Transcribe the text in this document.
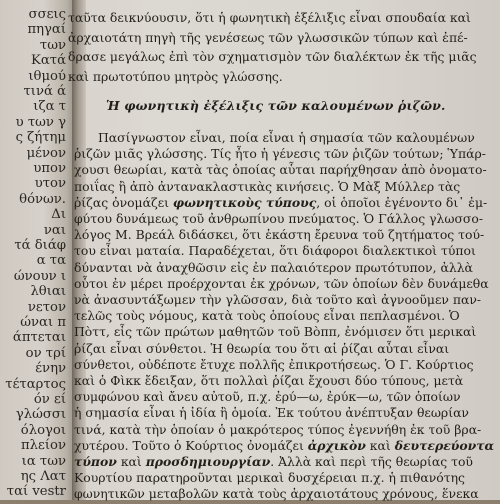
σσεις
πηγαί
των
Κατά
ιθμού
τινά ά
ιζα τ
υ των γ
ς ζήτημ
μένον
υπον
υτον
θόνων.
Δι
ναι
τά διάφ
α τα
ώνουν ι
λθιαι
νετον
ώναι π
άπτεται
ον τρί
ένην
τέταρτος
όν εί
γλώσσι
όλογοι
πλείον
ια των
ης Λατ
ταί vestr
ταῦτα δεικνύουσιν, ὅτι ἡ φωνητικὴ ἐξέλιξις εἶναι σπουδαία καὶ
ἀρχαιοτάτη πηγὴ τῆς γενέσεως τῶν γλωσσικῶν τύπων καὶ ἐπέ-
δρασε μεγάλως ἐπὶ τὸν σχηματισμὸν τῶν διαλέκτων ἐκ τῆς μιᾶς
καὶ πρωτοτύπου μητρὸς γλώσσης.
Ἡ φωνητικὴ ἐξέλιξις τῶν καλουμένων ῥιζῶν.
Πασίγνωστον εἶναι, ποία εἶναι ἡ σημασία τῶν καλουμένων
ῥιζῶν μιᾶς γλώσσης. Τίς ἦτο ἡ γένεσις τῶν ῥιζῶν τούτων; Ὑπάρ-
χουσι θεωρίαι, κατὰ τὰς ὁποίας αὗται παρήχθησαν ἀπὸ ὀνοματο-
ποιΐας ἢ ἀπὸ ἀντανακλαστικὰς κινήσεις. Ὁ Μὰξ Μύλλερ τὰς
ῥίζας ὀνομάζει φωνητικοὺς τύπους, οἱ ὁποῖοι ἐγένοντο δι᾽ ἐμ-
φύτου δυνάμεως τοῦ ἀνθρωπίνου πνεύματος. Ὁ Γάλλος γλωσσο-
λόγος Μ. Βρεάλ διδάσκει, ὅτι ἑκάστη ἔρευνα τοῦ ζητήματος τού-
του εἶναι ματαία. Παραδέχεται, ὅτι διάφοροι διαλεκτικοὶ τύποι
δύνανται νὰ ἀναχθῶσιν εἰς ἐν παλαιότερον πρωτότυπον, ἀλλὰ
οὗτοι ἐν μέρει προέρχονται ἐκ χρόνων, τῶν ὁποίων δὲν δυνάμεθα
νὰ ἀνασυντάξωμεν τὴν γλῶσσαν, διὰ τοῦτο καὶ ἀγνοοῦμεν παν-
τελῶς τοὺς νόμους, κατὰ τοὺς ὁποίους εἶναι πεπλασμένοι. Ὁ
Πὸττ, εἷς τῶν πρώτων μαθητῶν τοῦ Βὸππ, ἐνόμισεν ὅτι μερικαὶ
ῥίζαι εἶναι σύνθετοι. Ἡ θεωρία του ὅτι αἱ ῥίζαι αὗται εἶναι
σύνθετοι, οὐδέποτε ἔτυχε πολλῆς ἐπικροτήσεως. Ὁ Γ. Κούρτιος
καὶ ὁ Φὶκκ ἔδειξαν, ὅτι πολλαὶ ῥίζαι ἔχουσι δύο τύπους, μετὰ
συμφώνου καὶ ἄνευ αὐτοῦ, π.χ. ἐρύ—ω, ἐρύκ—ω, τῶν ὁποίων
ἡ σημασία εἶναι ἡ ἰδία ἢ ὁμοία. Ἐκ τούτου ἀνέπτυξαν θεωρίαν
τινά, κατὰ τὴν ὁποίαν ὁ μακρότερος τύπος ἐγεννήθη ἐκ τοῦ βρα-
χυτέρου. Τοῦτο ὁ Κούρτιος ὀνομάζει ἀρχικὸν καὶ δευτερεύοντα
τύπον καὶ προσδημιουργίαν. Ἀλλὰ καὶ περὶ τῆς θεωρίας τοῦ
Κουρτίου παρατηροῦνται μερικαὶ δυσχέρειαι π.χ. ἡ πιθανότης
φωνητικῶν μεταβολῶν κατὰ τοὺς ἀρχαιοτάτους χρόνους, ἕνεκα
